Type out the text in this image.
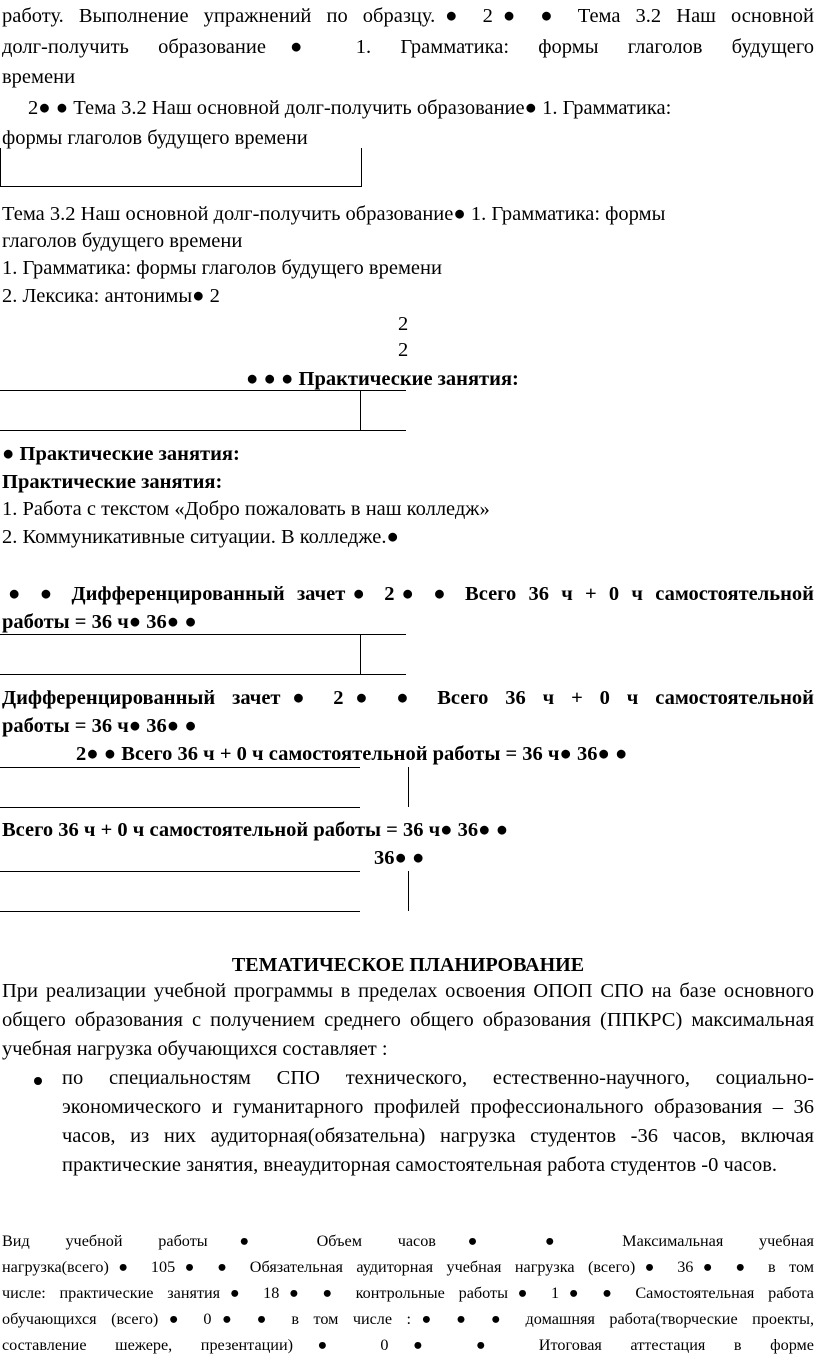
работу. Выполнение упражнений по образцу.● 2● ● Тема 3.2 Наш основной
долг-получить образование● 1. Грамматика: формы глаголов будущего
времени
2● ● Тема 3.2 Наш основной долг-получить образование● 1. Грамматика:
формы глаголов будущего времени
Тема 3.2 Наш основной долг-получить образование● 1. Грамматика: формы
глаголов будущего времени
1. Грамматика: формы глаголов будущего времени
2. Лексика: антонимы● 2
2
2
● ● ● Практические занятия:
● Практические занятия:
Практические занятия:
1. Работа с текстом «Добро пожаловать в наш колледж»
2. Коммуникативные ситуации. В колледже.●
● ● Дифференцированный зачет● 2● ● Всего 36 ч + 0 ч самостоятельной
работы = 36 ч● 36● ●
Дифференцированный зачет● 2● ● Всего 36 ч + 0 ч самостоятельной
работы = 36 ч● 36● ●
2● ● Всего 36 ч + 0 ч самостоятельной работы = 36 ч● 36● ●
Всего 36 ч + 0 ч самостоятельной работы = 36 ч● 36● ●
36● ●
ТЕМАТИЧЕСКОЕ ПЛАНИРОВАНИЕ

При реализации учебной программы в пределах освоения ОПОП СПО на базе основного общего образования с получением среднего общего образования (ППКРС) максимальная учебная нагрузка обучающихся составляет :

по специальностям СПО технического, естественно-научного, социально-экономического и гуманитарного профилей профессионального образования – 36 часов, из них аудиторная(обязательна) нагрузка студентов -36 часов, включая практические занятия, внеаудиторная самостоятельная работа студентов -0 часов.
Вид учебной работы● Объем часов● ● Максимальная учебная
нагрузка(всего)● 105● ● Обязательная аудиторная учебная нагрузка (всего)● 36● ● в том
числе: практические занятия● 18● ● контрольные работы● 1● ● Самостоятельная работа
обучающихся (всего)● 0● ● в том числе :● ● ● домашняя работа(творческие проекты,
составление шежере, презентации)● 0● ● Итоговая аттестация в форме
